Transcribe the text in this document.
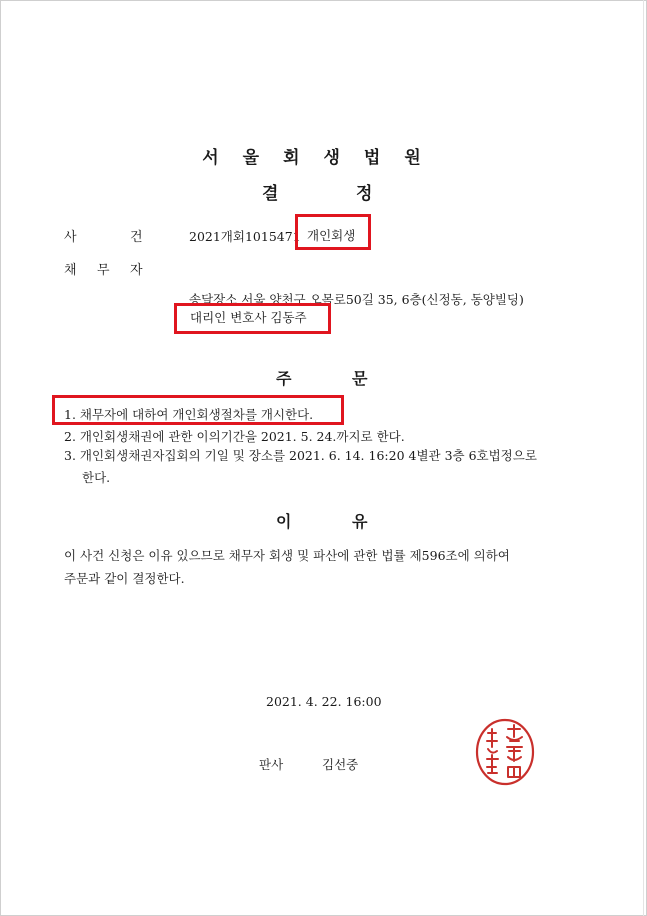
서울회생법원
결	정
사	건	2021개회1015471 개인회생
채 무 자
송달장소 서울 양천구 오목로50길 35, 6층(신정동, 동양빌딩)
대리인 변호사 김동주
주	문
1. 채무자에 대하여 개인회생절차를 개시한다.
2. 개인회생채권에 관한 이의기간을 2021. 5. 24.까지로 한다.
3. 개인회생채권자집회의 기일 및 장소를 2021. 6. 14. 16:20 4별관 3층 6호법정으로
한다.
이	유
이 사건 신청은 이유 있으므로 채무자 회생 및 파산에 관한 법률 제596조에 의하여
주문과 같이 결정한다.
2021. 4. 22. 16:00
판사	김선중
